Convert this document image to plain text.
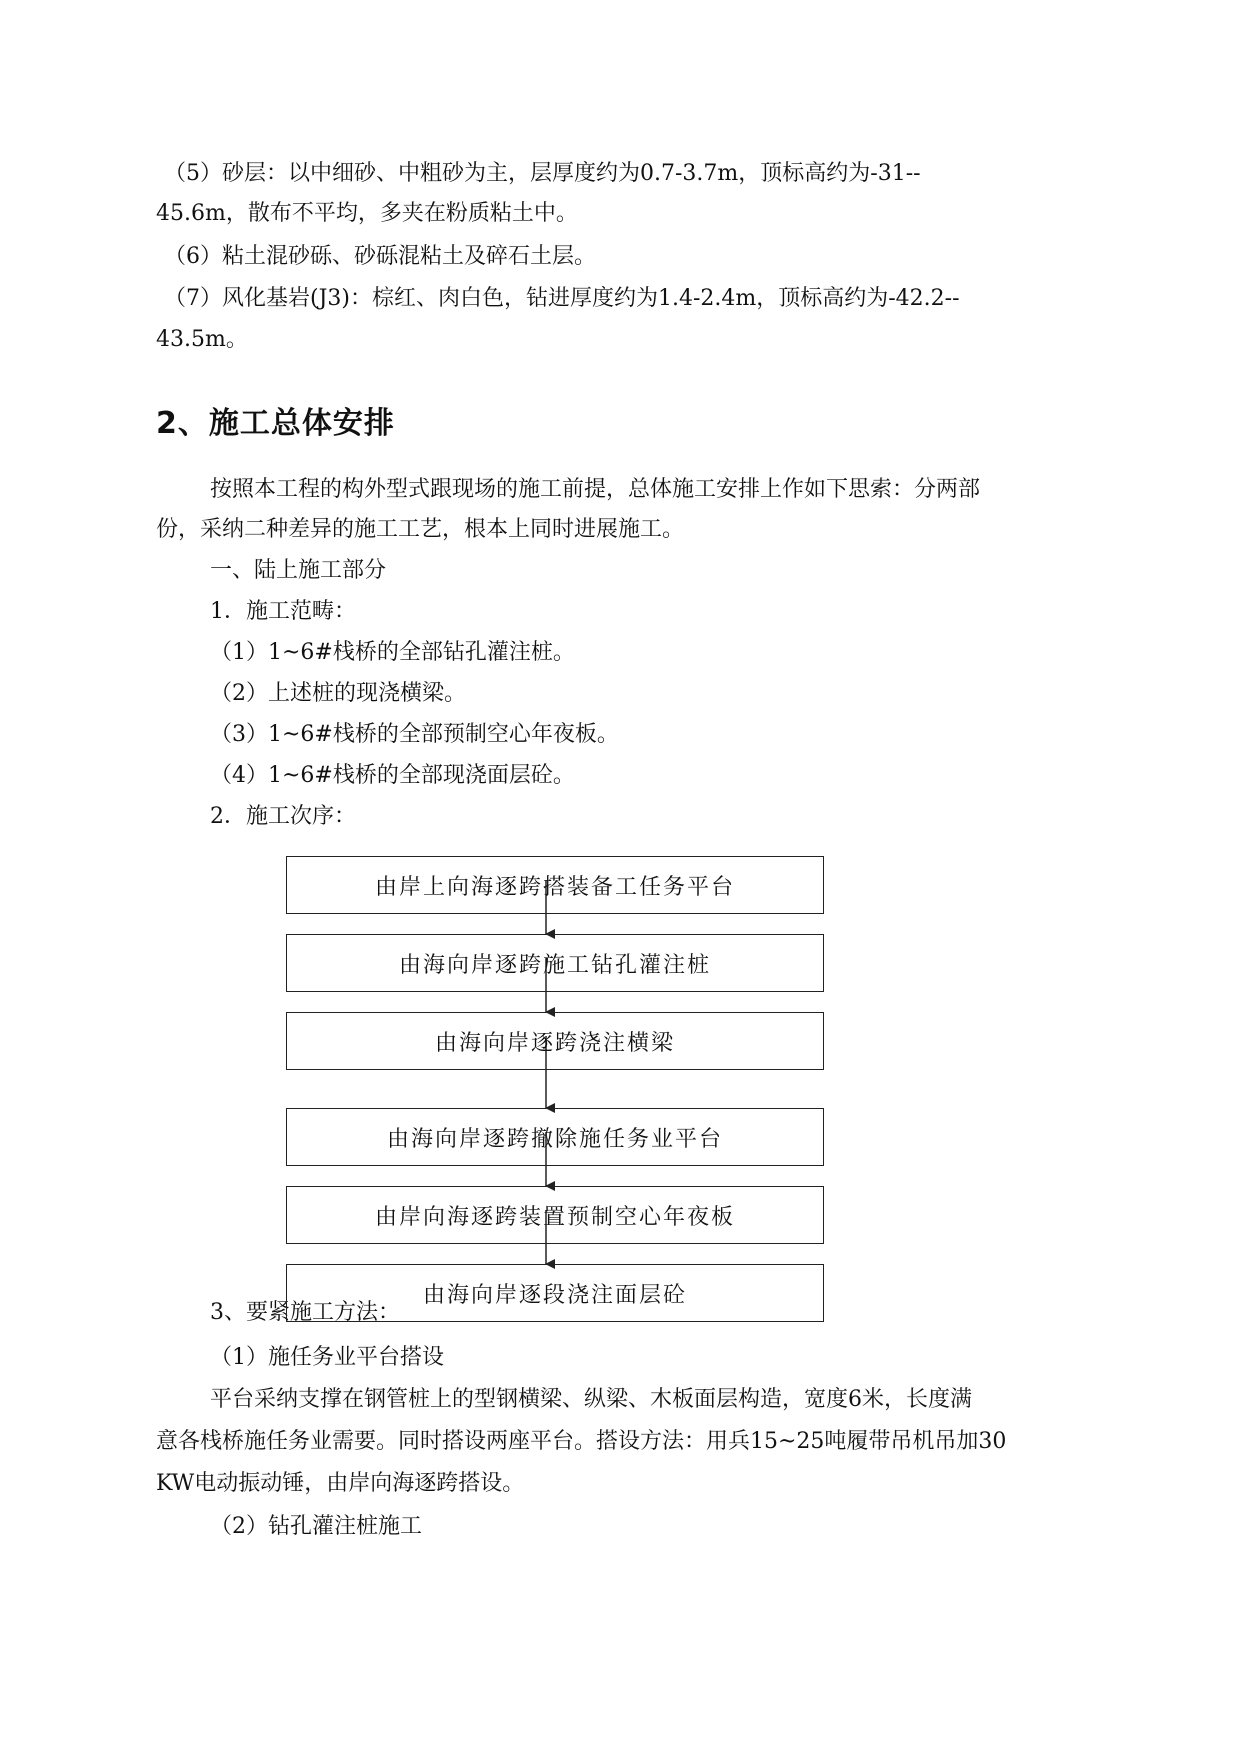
（5）砂层：以中细砂、中粗砂为主，层厚度约为0.7-3.7m，顶标高约为-31--
45.6m，散布不平均，多夹在粉质粘土中。
（6）粘土混砂砾、砂砾混粘土及碎石土层。
（7）风化基岩(J3)：棕红、肉白色，钻进厚度约为1.4-2.4m，顶标高约为-42.2--
43.5m。
2、施工总体安排
按照本工程的构外型式跟现场的施工前提，总体施工安排上作如下思索：分两部
份，采纳二种差异的施工工艺，根本上同时进展施工。
一、陆上施工部分
1．施工范畴：
（1）1~6#栈桥的全部钻孔灌注桩。
（2）上述桩的现浇横梁。
（3）1~6#栈桥的全部预制空心年夜板。
（4）1~6#栈桥的全部现浇面层砼。
2．施工次序：
3、要紧施工方法：
由岸上向海逐跨搭装备工任务平台
由海向岸逐跨施工钻孔灌注桩
由海向岸逐跨浇注横梁
由海向岸逐跨撤除施任务业平台
由岸向海逐跨装置预制空心年夜板
由海向岸逐段浇注面层砼
（1）施任务业平台搭设
平台采纳支撑在钢管桩上的型钢横梁、纵梁、木板面层构造，宽度6米，长度满
意各栈桥施任务业需要。同时搭设两座平台。搭设方法：用兵15~25吨履带吊机吊加30
KW电动振动锤，由岸向海逐跨搭设。
（2）钻孔灌注桩施工
